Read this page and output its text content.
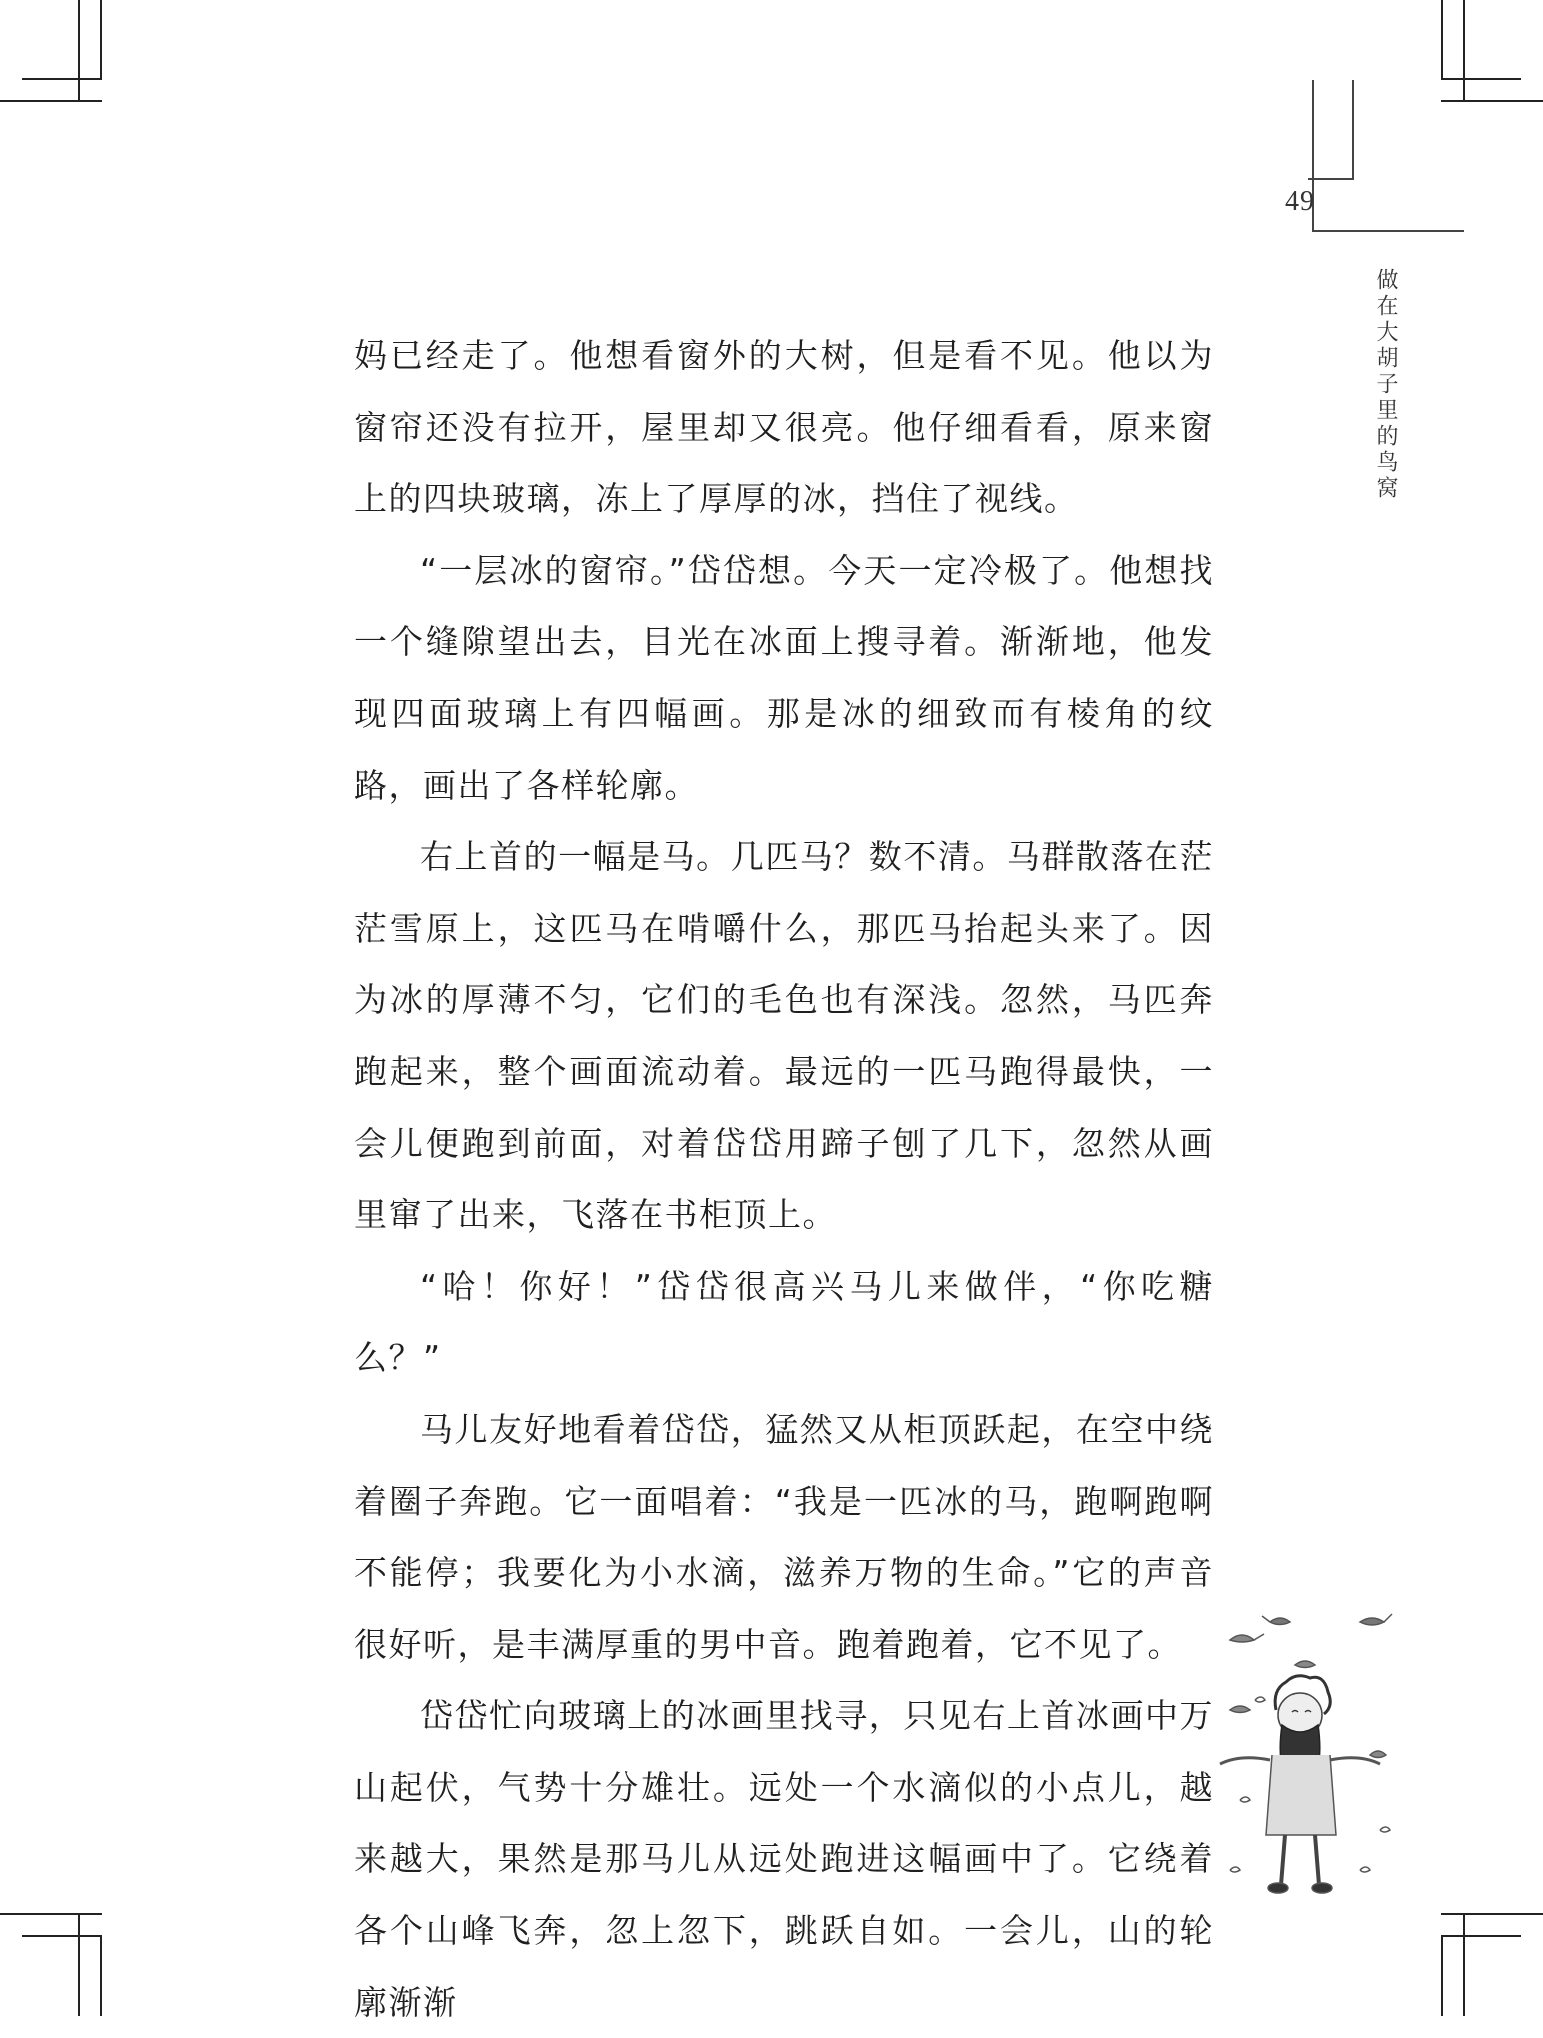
49
做在大胡子里的鸟窝

妈已经走了。他想看窗外的大树，但是看不见。他以为窗帘还没有拉开，屋里却又很亮。他仔细看看，原来窗上的四块玻璃，冻上了厚厚的冰，挡住了视线。

“一层冰的窗帘。”岱岱想。今天一定冷极了。他想找一个缝隙望出去，目光在冰面上搜寻着。渐渐地，他发现四面玻璃上有四幅画。那是冰的细致而有棱角的纹路，画出了各样轮廓。

右上首的一幅是马。几匹马？数不清。马群散落在茫茫雪原上，这匹马在啃嚼什么，那匹马抬起头来了。因为冰的厚薄不匀，它们的毛色也有深浅。忽然，马匹奔跑起来，整个画面流动着。最远的一匹马跑得最快，一会儿便跑到前面，对着岱岱用蹄子刨了几下，忽然从画里窜了出来，飞落在书柜顶上。

“哈！你好！”岱岱很高兴马儿来做伴，“你吃糖么？”

马儿友好地看着岱岱，猛然又从柜顶跃起，在空中绕着圈子奔跑。它一面唱着：“我是一匹冰的马，跑啊跑啊不能停；我要化为小水滴，滋养万物的生命。”它的声音很好听，是丰满厚重的男中音。跑着跑着，它不见了。

岱岱忙向玻璃上的冰画里找寻，只见右上首冰画中万山起伏，气势十分雄壮。远处一个水滴似的小点儿，越来越大，果然是那马儿从远处跑进这幅画中了。它绕着各个山峰飞奔，忽上忽下，跳跃自如。一会儿，山的轮廓渐渐
